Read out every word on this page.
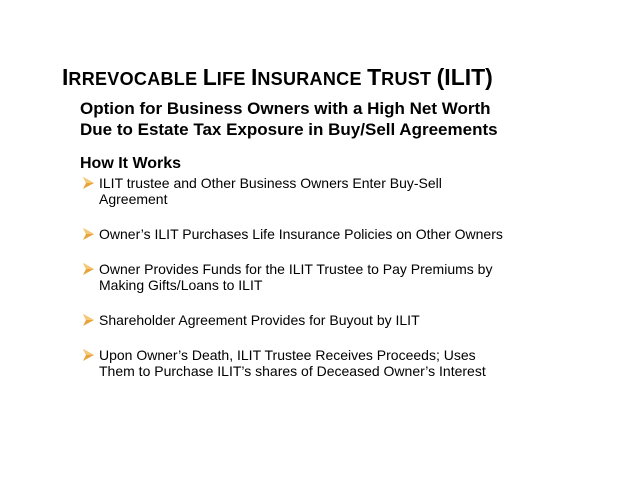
IRREVOCABLE LIFE INSURANCE TRUST (ILIT)
Option for Business Owners with a High Net Worth
Due to Estate Tax Exposure in Buy/Sell Agreements
How It Works
ILIT trustee and Other Business Owners Enter Buy-Sell
Agreement
Owner’s ILIT Purchases Life Insurance Policies on Other Owners
Owner Provides Funds for the ILIT Trustee to Pay Premiums by
Making Gifts/Loans to ILIT
Shareholder Agreement Provides for Buyout by ILIT
Upon Owner’s Death, ILIT Trustee Receives Proceeds; Uses
Them to Purchase ILIT’s shares of Deceased Owner’s Interest
